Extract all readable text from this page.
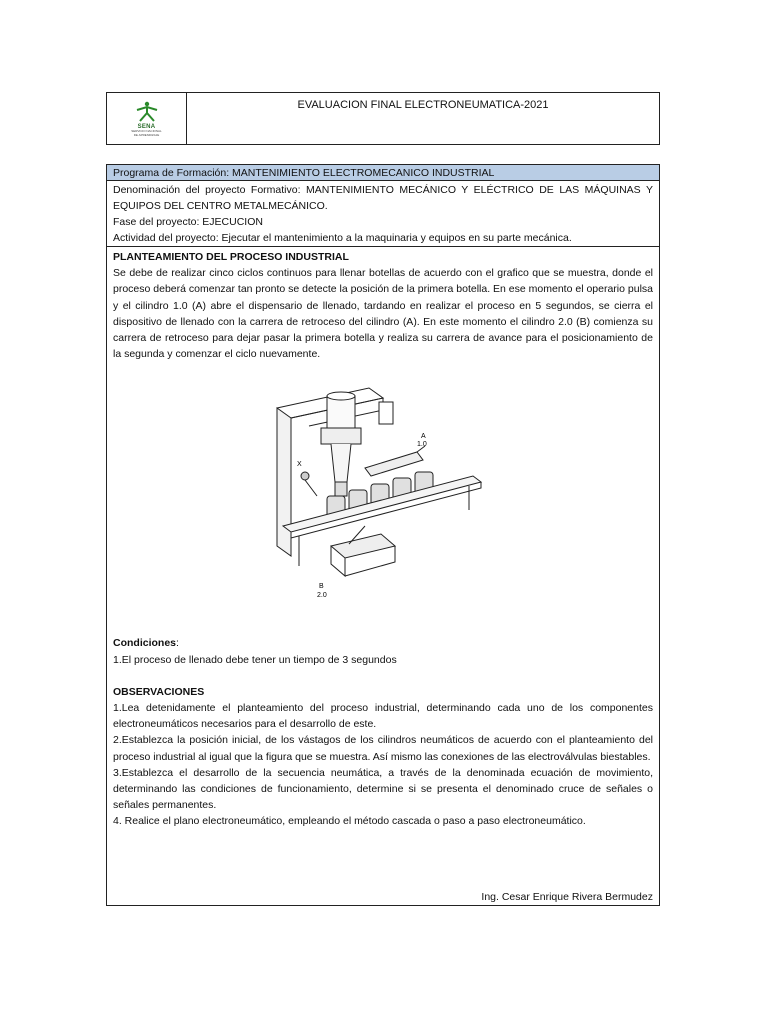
SENA
SERVICIO NACIONAL
DE APRENDIZAJE
EVALUACION FINAL ELECTRONEUMATICA-2021
Programa de Formación: MANTENIMIENTO ELECTROMECANICO INDUSTRIAL

Denominación del proyecto Formativo: MANTENIMIENTO MECÁNICO Y ELÉCTRICO DE LAS MÁQUINAS Y EQUIPOS DEL CENTRO METALMECÁNICO.

Fase del proyecto: EJECUCION

Actividad del proyecto: Ejecutar el mantenimiento a la maquinaria y equipos en su parte mecánica.

PLANTEAMIENTO DEL PROCESO INDUSTRIAL

Se debe de realizar cinco ciclos continuos para llenar botellas de acuerdo con el grafico que se muestra, donde el proceso deberá comenzar tan pronto se detecte la posición de la primera botella. En ese momento el operario pulsa y el cilindro 1.0 (A) abre el dispensario de llenado, tardando en realizar el proceso en 5 segundos, se cierra el dispositivo de llenado con la carrera de retroceso del cilindro (A). En este momento el cilindro 2.0 (B) comienza su carrera de retroceso para dejar pasar la primera botella y realiza su carrera de avance para el posicionamiento de la segunda y comenzar el ciclo nuevamente.

A
1.0
X
B
2.0

Condiciones:

1.El proceso de llenado debe tener un tiempo de 3 segundos

OBSERVACIONES

1.Lea detenidamente el planteamiento del proceso industrial, determinando cada uno de los componentes electroneumáticos necesarios para el desarrollo de este.

2.Establezca la posición inicial, de los vástagos de los cilindros neumáticos de acuerdo con el planteamiento del proceso industrial al igual que la figura que se muestra. Así mismo las conexiones de las electroválvulas biestables.

3.Establezca el desarrollo de la secuencia neumática, a través de la denominada ecuación de movimiento, determinando las condiciones de funcionamiento, determine si se presenta el denominado cruce de señales o señales permanentes.

4. Realice el plano electroneumático, empleando el método cascada o paso a paso electroneumático.

Ing. Cesar Enrique Rivera Bermudez
